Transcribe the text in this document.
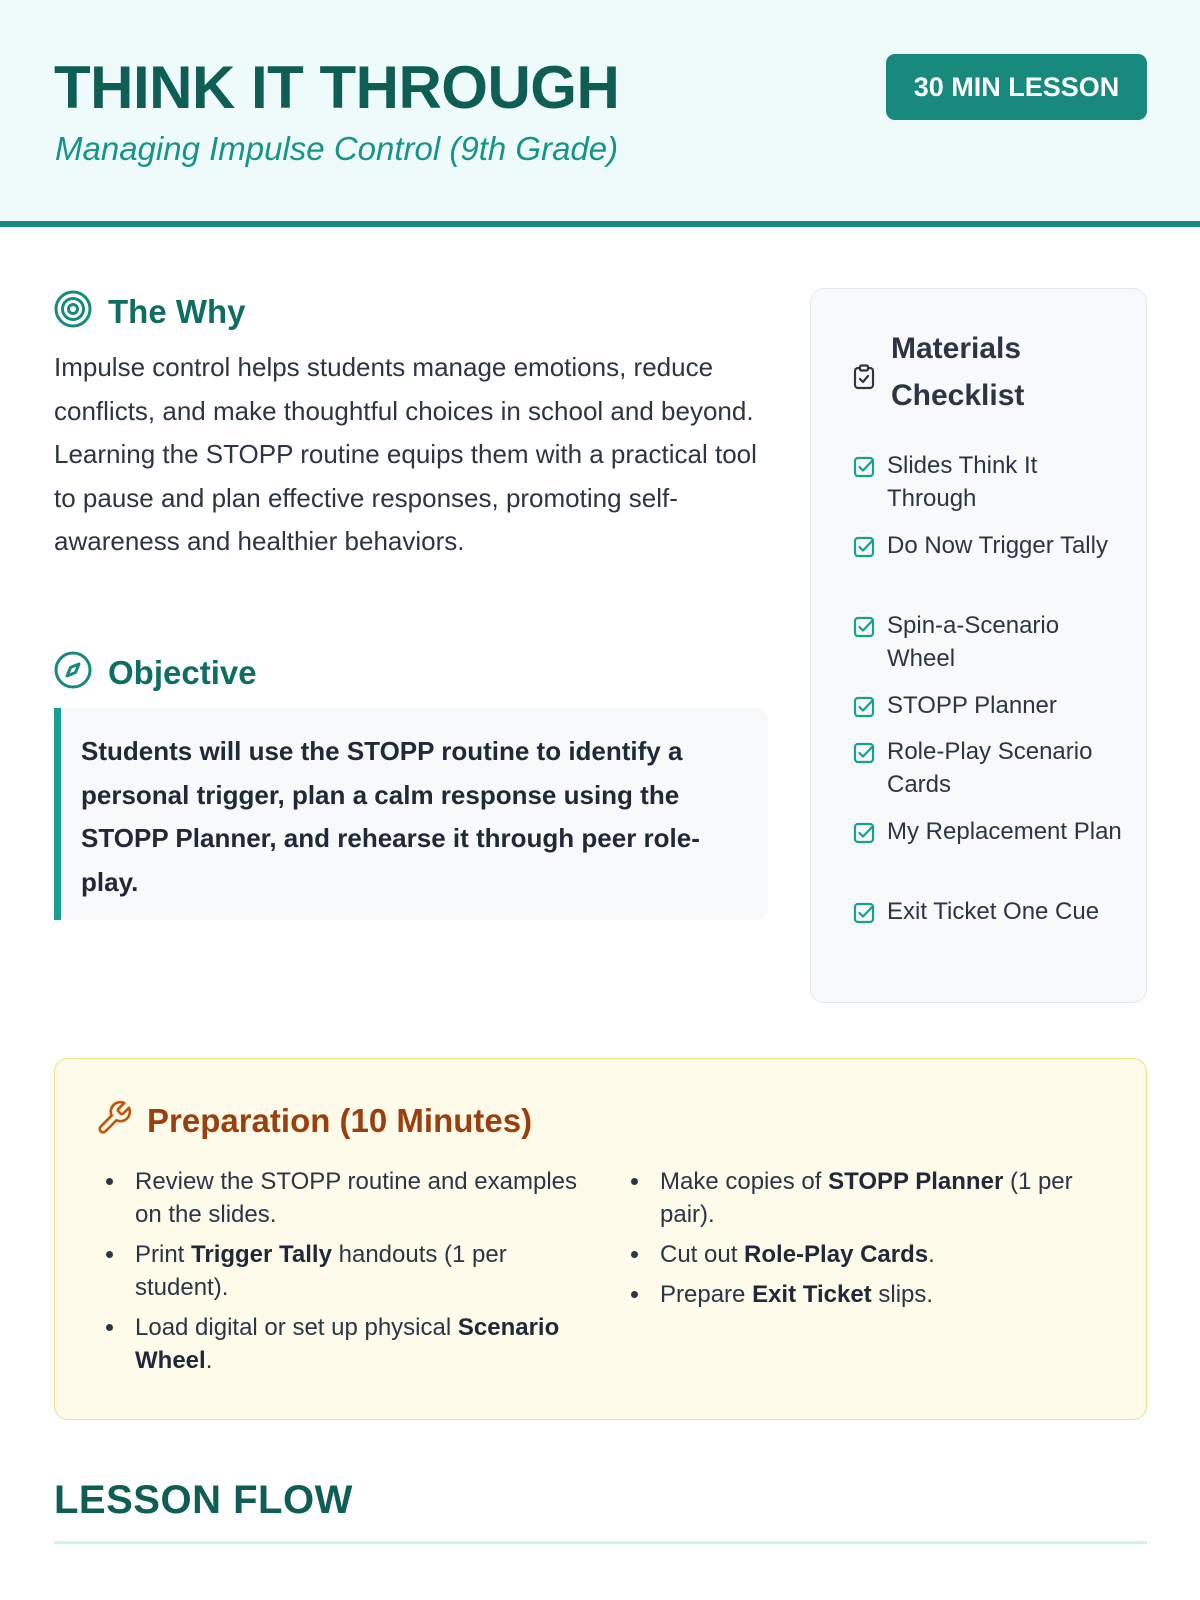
THINK IT THROUGH
Managing Impulse Control (9th Grade)
30 MIN LESSON
The Why

Impulse control helps students manage emotions, reduce conflicts, and make thoughtful choices in school and beyond. Learning the STOPP routine equips them with a practical tool to pause and plan effective responses, promoting self-awareness and healthier behaviors.

Objective

Students will use the STOPP routine to identify a personal trigger, plan a calm response using the STOPP Planner, and rehearse it through peer role-play.

Materials Checklist
Slides Think It Through
Do Now Trigger Tally
Spin-a-Scenario Wheel
STOPP Planner
Role-Play Scenario Cards
My Replacement Plan
Exit Ticket One Cue
Preparation (10 Minutes)
• Review the STOPP routine and examples on the slides.
• Print Trigger Tally handouts (1 per student).
• Load digital or set up physical Scenario Wheel.
• Make copies of STOPP Planner (1 per pair).
• Cut out Role-Play Cards.
• Prepare Exit Ticket slips.
LESSON FLOW
